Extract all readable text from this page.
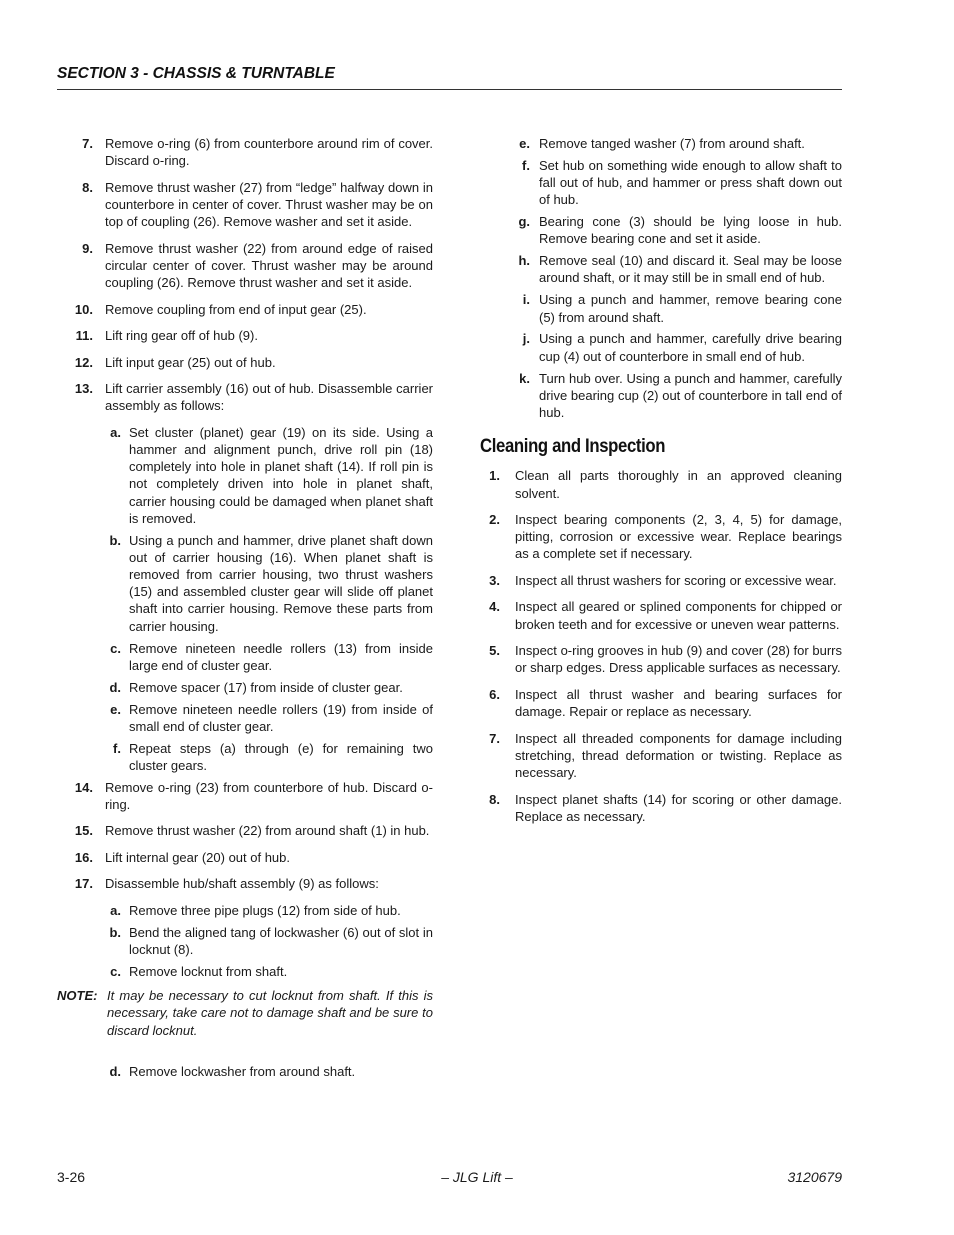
SECTION 3 - CHASSIS & TURNTABLE
7. Remove o-ring (6) from counterbore around rim of cover. Discard o-ring.
8. Remove thrust washer (27) from “ledge” halfway down in counterbore in center of cover. Thrust washer may be on top of coupling (26). Remove washer and set it aside.
9. Remove thrust washer (22) from around edge of raised circular center of cover. Thrust washer may be around coupling (26). Remove thrust washer and set it aside.
10. Remove coupling from end of input gear (25).
11. Lift ring gear off of hub (9).
12. Lift input gear (25) out of hub.
13. Lift carrier assembly (16) out of hub. Disassemble carrier assembly as follows:
a. Set cluster (planet) gear (19) on its side. Using a hammer and alignment punch, drive roll pin (18) completely into hole in planet shaft (14). If roll pin is not completely driven into hole in planet shaft, carrier housing could be damaged when planet shaft is removed.
b. Using a punch and hammer, drive planet shaft down out of carrier housing (16). When planet shaft is removed from carrier housing, two thrust washers (15) and assembled cluster gear will slide off planet shaft into carrier housing. Remove these parts from carrier housing.
c. Remove nineteen needle rollers (13) from inside large end of cluster gear.
d. Remove spacer (17) from inside of cluster gear.
e. Remove nineteen needle rollers (19) from inside of small end of cluster gear.
f. Repeat steps (a) through (e) for remaining two cluster gears.
14. Remove o-ring (23) from counterbore of hub. Discard o-ring.
15. Remove thrust washer (22) from around shaft (1) in hub.
16. Lift internal gear (20) out of hub.
17. Disassemble hub/shaft assembly (9) as follows:
a. Remove three pipe plugs (12) from side of hub.
b. Bend the aligned tang of lockwasher (6) out of slot in locknut (8).
c. Remove locknut from shaft.
NOTE: It may be necessary to cut locknut from shaft. If this is necessary, take care not to damage shaft and be sure to discard locknut.
d. Remove lockwasher from around shaft.
e. Remove tanged washer (7) from around shaft.
f. Set hub on something wide enough to allow shaft to fall out of hub, and hammer or press shaft down out of hub.
g. Bearing cone (3) should be lying loose in hub. Remove bearing cone and set it aside.
h. Remove seal (10) and discard it. Seal may be loose around shaft, or it may still be in small end of hub.
i. Using a punch and hammer, remove bearing cone (5) from around shaft.
j. Using a punch and hammer, carefully drive bearing cup (4) out of counterbore in small end of hub.
k. Turn hub over. Using a punch and hammer, carefully drive bearing cup (2) out of counterbore in tall end of hub.
Cleaning and Inspection
1. Clean all parts thoroughly in an approved cleaning solvent.
2. Inspect bearing components (2, 3, 4, 5) for damage, pitting, corrosion or excessive wear. Replace bearings as a complete set if necessary.
3. Inspect all thrust washers for scoring or excessive wear.
4. Inspect all geared or splined components for chipped or broken teeth and for excessive or uneven wear patterns.
5. Inspect o-ring grooves in hub (9) and cover (28) for burrs or sharp edges. Dress applicable surfaces as necessary.
6. Inspect all thrust washer and bearing surfaces for damage. Repair or replace as necessary.
7. Inspect all threaded components for damage including stretching, thread deformation or twisting. Replace as necessary.
8. Inspect planet shafts (14) for scoring or other damage. Replace as necessary.
3-26	– JLG Lift –	3120679
